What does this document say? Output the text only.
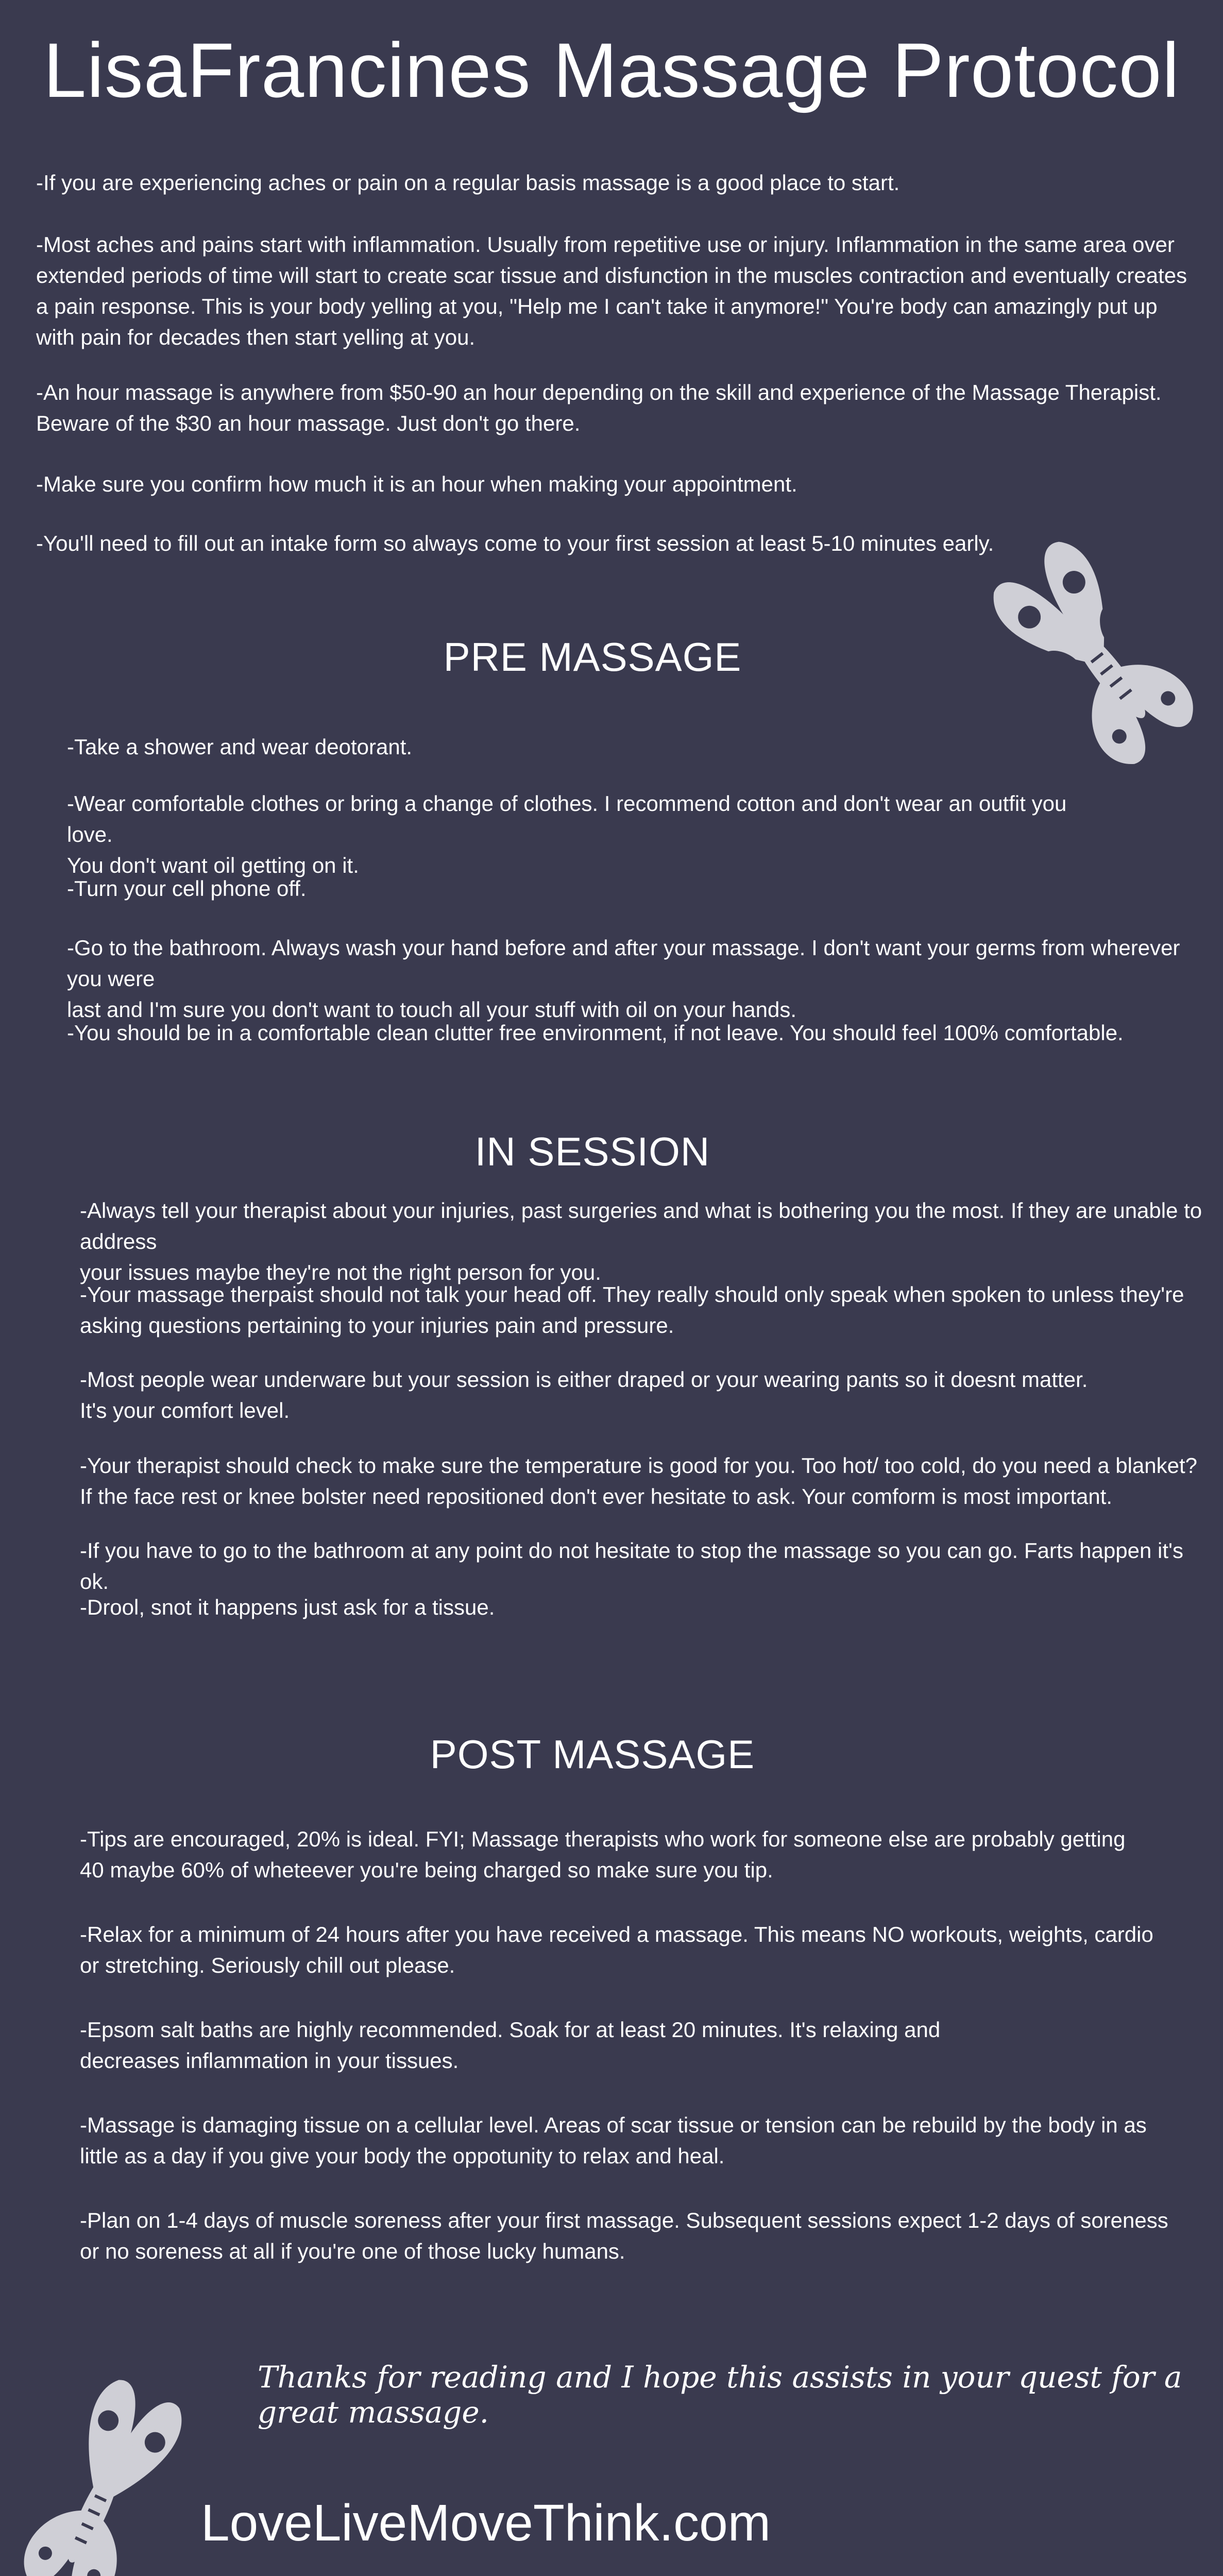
LisaFrancines Massage Protocol

-If you are experiencing aches or pain on a regular basis massage is a good place to start.

-Most aches and pains start with inflammation. Usually from repetitive use or injury. Inflammation in the same area over
extended periods of time will start to create scar tissue and disfunction in the muscles contraction and eventually creates
a pain response. This is your body yelling at you, "Help me I can't take it anymore!" You're body can amazingly put up
with pain for decades then start yelling at you.

-An hour massage is anywhere from $50-90 an hour depending on the skill and experience of the Massage Therapist.
Beware of the $30 an hour massage. Just don't go there.

-Make sure you confirm how much it is an hour when making your appointment.

-You'll need to fill out an intake form so always come to your first session at least 5-10 minutes early.

PRE MASSAGE

-Take a shower and wear deotorant.

-Wear comfortable clothes or bring a change of clothes. I recommend cotton and don't wear an outfit you love.
You don't want oil getting on it.

-Turn your cell phone off.

-Go to the bathroom. Always wash your hand before and after your massage. I don't want your germs from wherever you were
last and I'm sure you don't want to touch all your stuff with oil on your hands.

-You should be in a comfortable clean clutter free environment, if not leave. You should feel 100% comfortable.

IN SESSION

-Always tell your therapist about your injuries, past surgeries and what is bothering you the most. If they are unable to address
your issues maybe they're not the right person for you.

-Your massage therpaist should not talk your head off. They really should only speak when spoken to unless they're
asking questions pertaining to your injuries pain and pressure.

-Most people wear underware but your session is either draped or your wearing pants so it doesnt matter.
It's your comfort level.

-Your therapist should check to make sure the temperature is good for you. Too hot/ too cold, do you need a blanket?
If the face rest or knee bolster need repositioned don't ever hesitate to ask. Your comform is most important.

-If you have to go to the bathroom at any point do not hesitate to stop the massage so you can go. Farts happen it's ok.

-Drool, snot it happens just ask for a tissue.

POST MASSAGE

-Tips are encouraged, 20% is ideal. FYI; Massage therapists who work for someone else are probably getting
40 maybe 60% of wheteever you're being charged so make sure you tip.

-Relax for a minimum of 24 hours after you have received a massage. This means NO workouts, weights, cardio
or stretching. Seriously chill out please.

-Epsom salt baths are highly recommended. Soak for at least 20 minutes. It's relaxing and
decreases inflammation in your tissues.

-Massage is damaging tissue on a cellular level. Areas of scar tissue or tension can be rebuild by the body in as
little as a day if you give your body the oppotunity to relax and heal.

-Plan on 1-4 days of muscle soreness after your first massage. Subsequent sessions expect 1-2 days of soreness
or no soreness at all if you're one of those lucky humans.

Thanks for reading and I hope this assists in your quest for a great massage.

LoveLiveMoveThink.com
